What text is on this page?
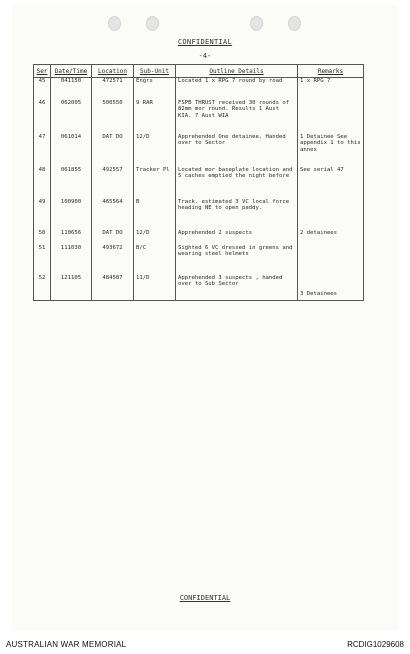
CONFIDENTIAL
-4-
Ser	Date/Time	Location	Sub-Unit	Outline Details	Remarks
45	041150	472571	Engrs	Located 1 x RPG 7 round by road	1 x RPG 7
46	062005	500550	9 RAR	FSPB THRUST received 30 rounds of 82mm mor round. Results 1 Aust KIA. 7 Aust WIA	
47	061014	DAT DO	12/D	Apprehended One detainee. Handed over to Sector	1 Detainee See appendix 1 to this annex
48	061855	492557	Tracker Pl	Located mor baseplate location and 5 caches emptied the night before	See serial 47
49	100900	465564	B	Track. estimated 3 VC local force heading NE to open paddy.	
50	110656	DAT DO	12/D	Apprehended 2 suspects	2 detainees
51	111030	493672	B/C	Sighted 6 VC dressed in greens and wearing steel helmets	
52	121105	484587	11/D	Apprehended 3 suspects , handed over to Sub Sector	3 Detainees
CONFIDENTIAL
AUSTRALIAN WAR MEMORIAL	RCDIG1029608
